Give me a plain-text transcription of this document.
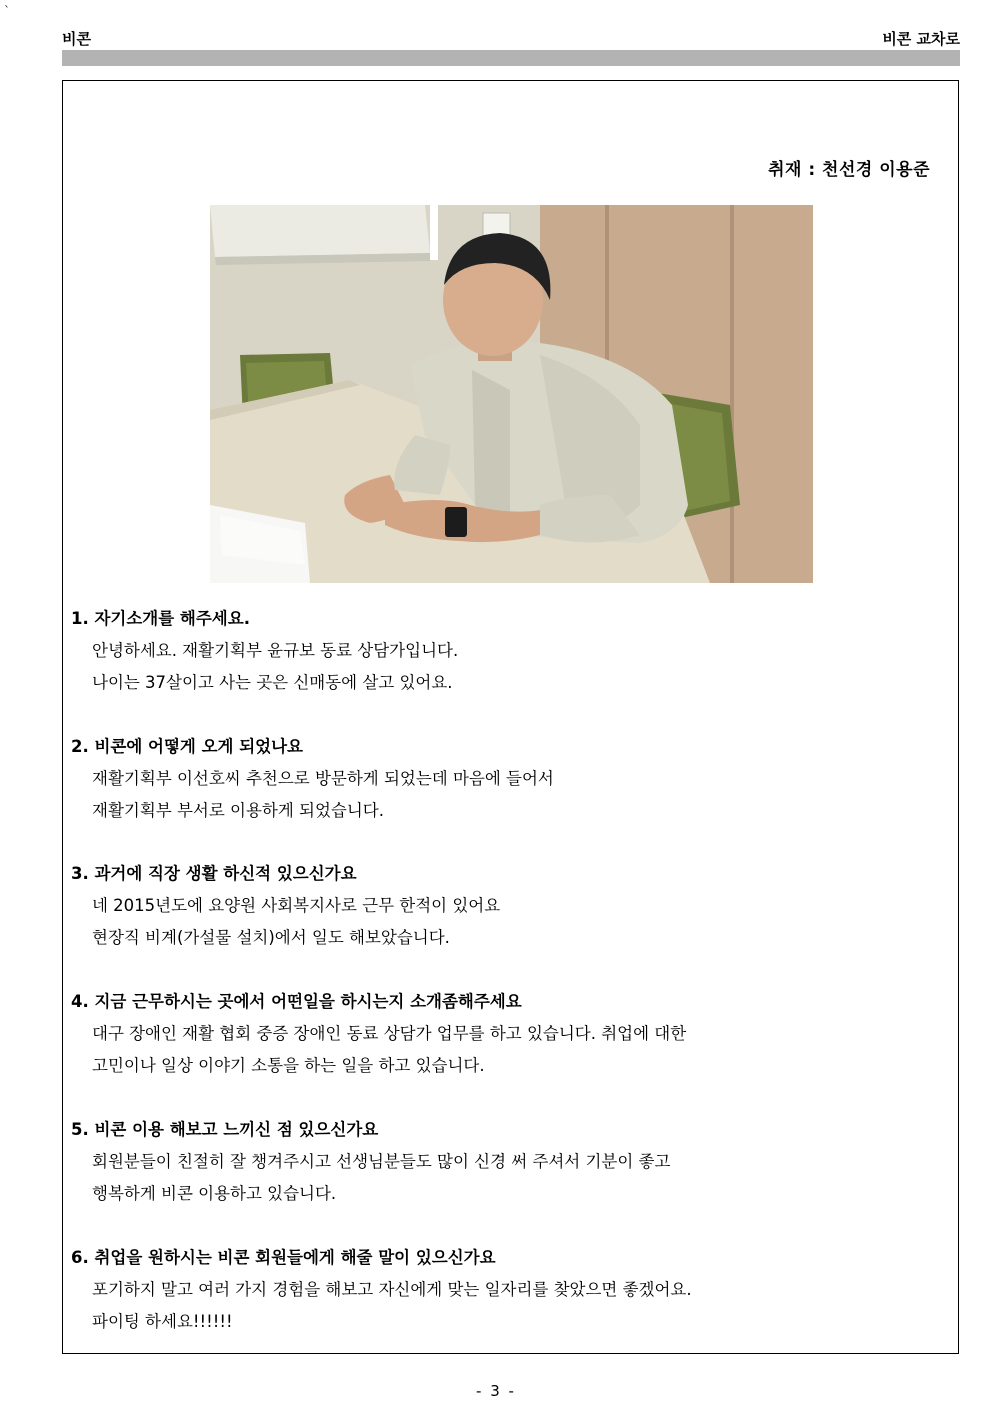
`
비콘	비콘 교차로
취재 : 천선경 이용준
1. 자기소개를 해주세요.
안녕하세요. 재활기획부 윤규보 동료 상담가입니다.
나이는 37살이고 사는 곳은 신매동에 살고 있어요.
2. 비콘에 어떻게 오게 되었나요
재활기획부 이선호씨 추천으로 방문하게 되었는데 마음에 들어서
재활기획부 부서로 이용하게 되었습니다.
3. 과거에 직장 생활 하신적 있으신가요
네 2015년도에 요양원 사회복지사로 근무 한적이 있어요
현장직 비계(가설물 설치)에서 일도 해보았습니다.
4. 지금 근무하시는 곳에서 어떤일을 하시는지 소개좀해주세요
대구 장애인 재활 협회 중증 장애인 동료 상담가 업무를 하고 있습니다. 취업에 대한
고민이나 일상 이야기 소통을 하는 일을 하고 있습니다.
5. 비콘 이용 해보고 느끼신 점 있으신가요
회원분들이 친절히 잘 챙겨주시고 선생님분들도 많이 신경 써 주셔서 기분이 좋고
행복하게 비콘 이용하고 있습니다.
6. 취업을 원하시는 비콘 회원들에게 해줄 말이 있으신가요
포기하지 말고 여러 가지 경험을 해보고 자신에게 맞는 일자리를 찾았으면 좋겠어요.
파이팅 하세요!!!!!!
- 3 -
